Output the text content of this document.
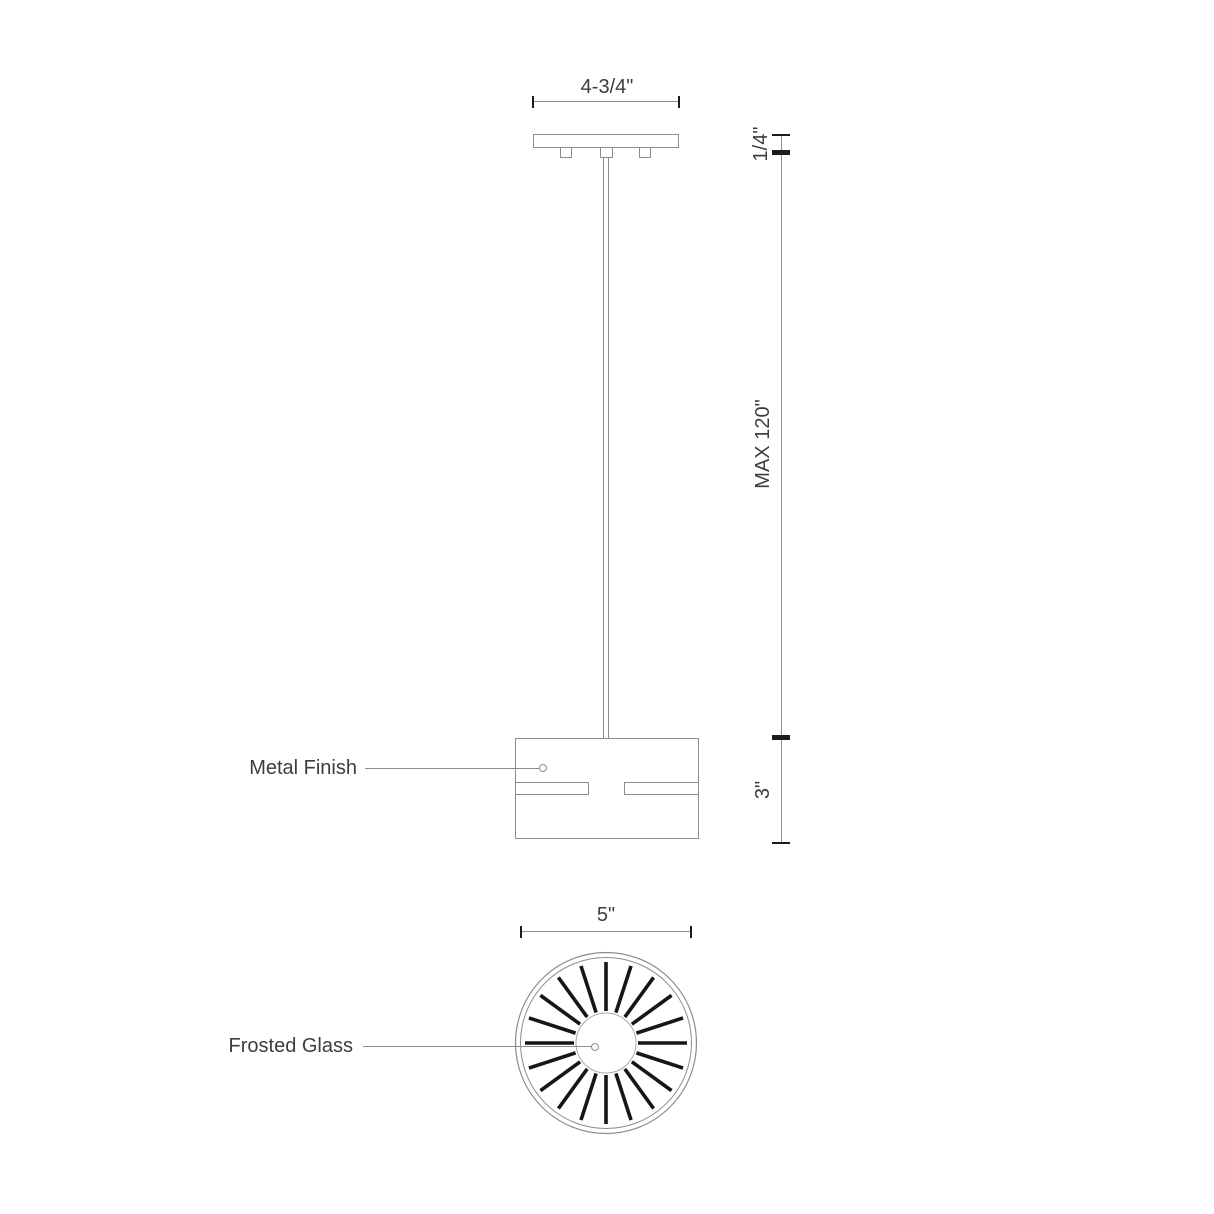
4-3/4"
Metal Finish
1/4"
MAX 120"
3"
5"
Frosted Glass
